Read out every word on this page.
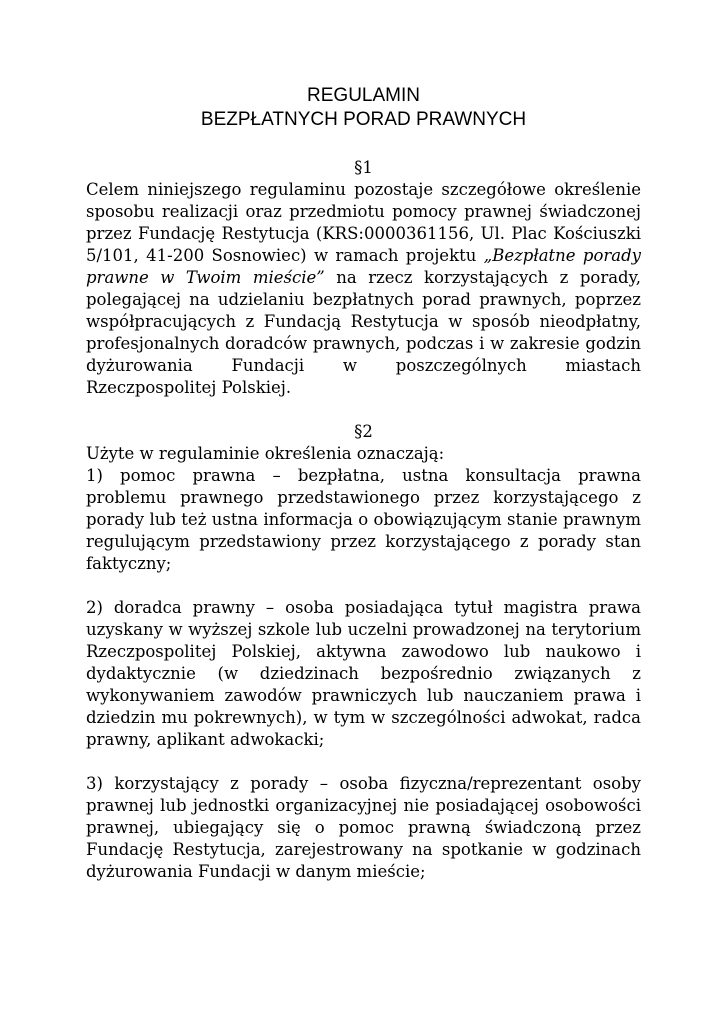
REGULAMIN
BEZPŁATNYCH PORAD PRAWNYCH

§1

Celem niniejszego regulaminu pozostaje szczegółowe określenie sposobu realizacji oraz przedmiotu pomocy prawnej świadczonej przez Fundację Restytucja (KRS:0000361156, Ul. Plac Kościuszki 5/101, 41-200 Sosnowiec) w ramach projektu „Bezpłatne porady prawne w Twoim mieście” na rzecz korzystających z porady, polegającej na udzielaniu bezpłatnych porad prawnych, poprzez współpracujących z Fundacją Restytucja w sposób nieodpłatny, profesjonalnych doradców prawnych, podczas i w zakresie godzin dyżurowania Fundacji w poszczególnych miastach Rzeczpospolitej Polskiej.

§2

Użyte w regulaminie określenia oznaczają:

1) pomoc prawna – bezpłatna, ustna konsultacja prawna problemu prawnego przedstawionego przez korzystającego z porady lub też ustna informacja o obowiązującym stanie prawnym regulującym przedstawiony przez korzystającego z porady stan faktyczny;

2) doradca prawny – osoba posiadająca tytuł magistra prawa uzyskany w wyższej szkole lub uczelni prowadzonej na terytorium Rzeczpospolitej Polskiej, aktywna zawodowo lub naukowo i dydaktycznie (w dziedzinach bezpośrednio związanych z wykonywaniem zawodów prawniczych lub nauczaniem prawa i dziedzin mu pokrewnych), w tym w szczególności adwokat, radca prawny, aplikant adwokacki;

3) korzystający z porady – osoba fizyczna/reprezentant osoby prawnej lub jednostki organizacyjnej nie posiadającej osobowości prawnej, ubiegający się o pomoc prawną świadczoną przez Fundację Restytucja, zarejestrowany na spotkanie w godzinach dyżurowania Fundacji w danym mieście;
